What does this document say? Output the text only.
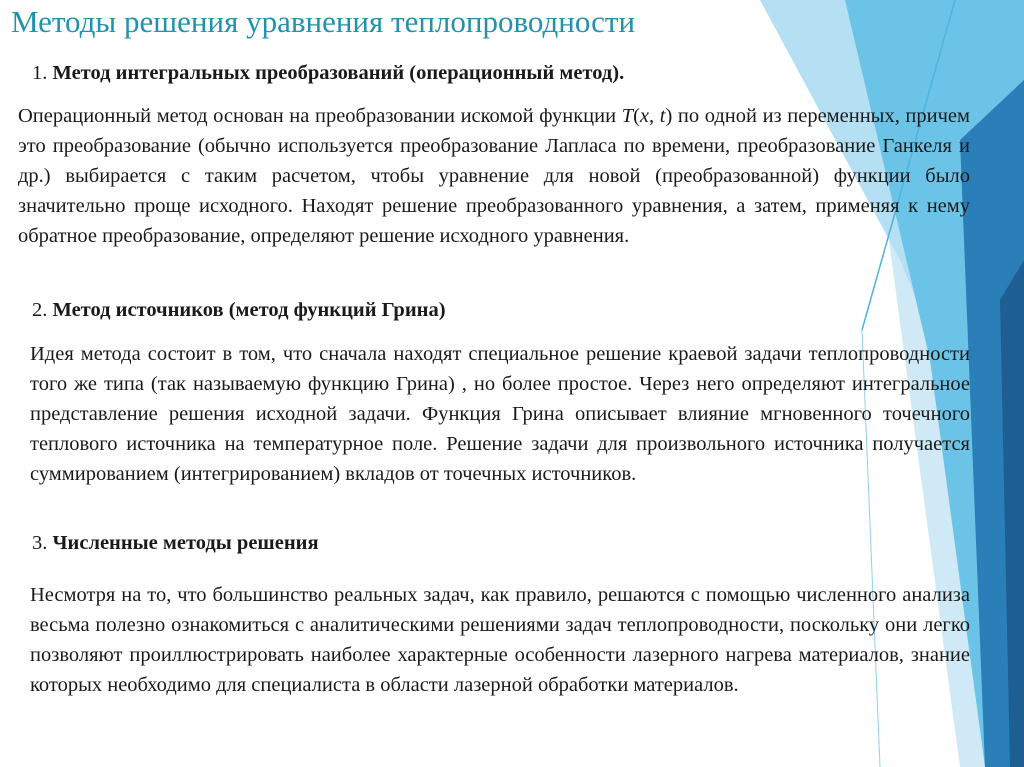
Методы решения уравнения теплопроводности
1. Метод интегральных преобразований (операционный метод).

Операционный метод основан на преобразовании искомой функции T(x, t) по одной из переменных, причем это преобразование (обычно используется преобразование Лапласа по времени, преобразование Ганкеля и др.) выбирается с таким расчетом, чтобы уравнение для новой (преобразованной) функции было значительно проще исходного. Находят решение преобразованного уравнения, а затем, применяя к нему обратное преобразование, определяют решение исходного уравнения.

2. Метод источников (метод функций Грина)

Идея метода состоит в том, что сначала находят специальное решение краевой задачи теплопроводности того же типа (так называемую функцию Грина) , но более простое. Через него определяют интегральное представление решения исходной задачи. Функция Грина описывает влияние мгновенного точечного теплового источника на температурное поле. Решение задачи для произвольного источника получается суммированием (интегрированием) вкладов от точечных источников.

3. Численные методы решения

Несмотря на то, что большинство реальных задач, как правило, решаются с помощью численного анализа весьма полезно ознакомиться с аналитическими решениями задач теплопроводности, поскольку они легко позволяют проиллюстрировать наиболее характерные особенности лазерного нагрева материалов, знание которых необходимо для специалиста в области лазерной обработки материалов.
